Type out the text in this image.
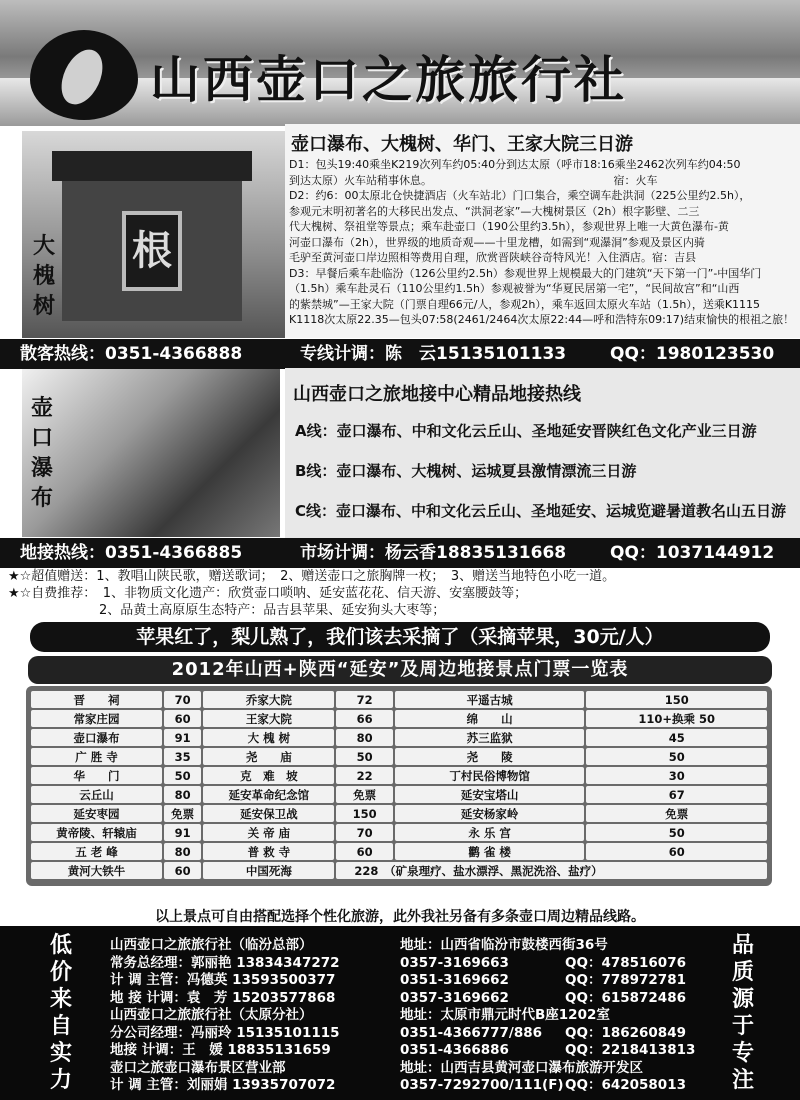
山西壶口之旅旅行社
根
大
槐
树
壶口瀑布、大槐树、华门、王家大院三日游
D1：包头19:40乘坐K219次列车约05:40分到达太原（呼市18:16乘坐2462次列车约04:50
到达太原）火车站稍事休息。　　　　　　　　　　　　　　　　　宿：火车
D2：约6：00太原北仓快捷酒店（火车站北）门口集合，乘空调车赴洪洞（225公里约2.5h），
参观元末明初著名的大移民出发点、“洪洞老家”—大槐树景区（2h）根字影壁、二三
代大槐树、祭祖堂等景点；乘车赴壶口（190公里约3.5h），参观世界上唯一大黄色瀑布-黄
河壶口瀑布（2h），世界级的地质奇观——十里龙槽，如需到“观瀑洞”参观及景区内骑
毛驴至黄河壶口岸边照相等费用自理，欣赏晋陕峡谷奇特风光！入住酒店。宿：吉县
D3：早餐后乘车赴临汾（126公里约2.5h）参观世界上规模最大的门建筑“天下第一门”-中国华门
（1.5h）乘车赴灵石（110公里约1.5h）参观被誉为“华夏民居第一宅”，“民间故宫”和“山西
的紫禁城”—王家大院（门票自理66元/人，参观2h），乘车返回太原火车站（1.5h），送乘K1115
K1118次太原22.35—包头07:58(2461/2464次太原22:44—呼和浩特东09:17)结束愉快的根祖之旅！
散客热线：0351-4366888	专线计调：陈　云15135101133	QQ：1980123530
壶
口
瀑
布
山西壶口之旅地接中心精品地接热线
A线：壶口瀑布、中和文化云丘山、圣地延安晋陕红色文化产业三日游
B线：壶口瀑布、大槐树、运城夏县激情漂流三日游
C线：壶口瀑布、中和文化云丘山、圣地延安、运城览避暑道教名山五日游
地接热线：0351-4366885	市场计调：杨云香18835131668	QQ：1037144912
★☆超值赠送：1、教唱山陕民歌，赠送歌词；　2、赠送壶口之旅胸牌一枚；　3、赠送当地特色小吃一道。
★☆自费推荐：　1、非物质文化遗产：欣赏壶口唢呐、延安蓝花花、信天游、安塞腰鼓等；
　　　　　　　2、品黄土高原原生态特产：品吉县苹果、延安狗头大枣等；
苹果红了，梨儿熟了，我们该去采摘了（采摘苹果，30元/人）
2012年山西+陕西“延安”及周边地接景点门票一览表
晋　　祠	70	乔家大院	72	平遥古城	150
常家庄园	60	王家大院	66	绵　　山	110+换乘 50
壶口瀑布	91	大 槐 树	80	苏三监狱	45
广 胜 寺	35	尧　　庙	50	尧　　陵	50
华　　门	50	克　难　坡	22	丁村民俗博物馆	30
云丘山	80	延安革命纪念馆	免票	延安宝塔山	67
延安枣园	免票	延安保卫战	150	延安杨家岭	免票
黄帝陵、轩辕庙	91	关 帝 庙	70	永 乐 宫	50
五 老 峰	80	普 救 寺	60	鹳 雀 楼	60
黄河大铁牛	60	中国死海	228　（矿泉理疗、盐水漂浮、黑泥洗浴、盐疗）		
以上景点可自由搭配选择个性化旅游，此外我社另备有多条壶口周边精品线路。
低
价
来
自
实
力
品
质
源
于
专
注
山西壶口之旅旅行社（临汾总部）	地址：山西省临汾市鼓楼西街36号
常务总经理：郭丽艳 13834347272	0357-3169663	QQ：478516076
计 调 主管：冯德英 13593500377	0351-3169662	QQ：778972781
地 接 计调：袁　芳 15203577868	0357-3169662	QQ：615872486
山西壶口之旅旅行社（太原分社）	地址：太原市鼎元时代B座1202室
分公司经理：冯丽玲 15135101115	0351-4366777/886 QQ：186260849
地接 计调：王　媛 18835131659	0351-4366886	QQ：2218413813
壶口之旅壶口瀑布景区营业部	地址：山西吉县黄河壶口瀑布旅游开发区
计 调 主管：刘丽娟 13935707072	0357-7292700/111(F) QQ：642058013
